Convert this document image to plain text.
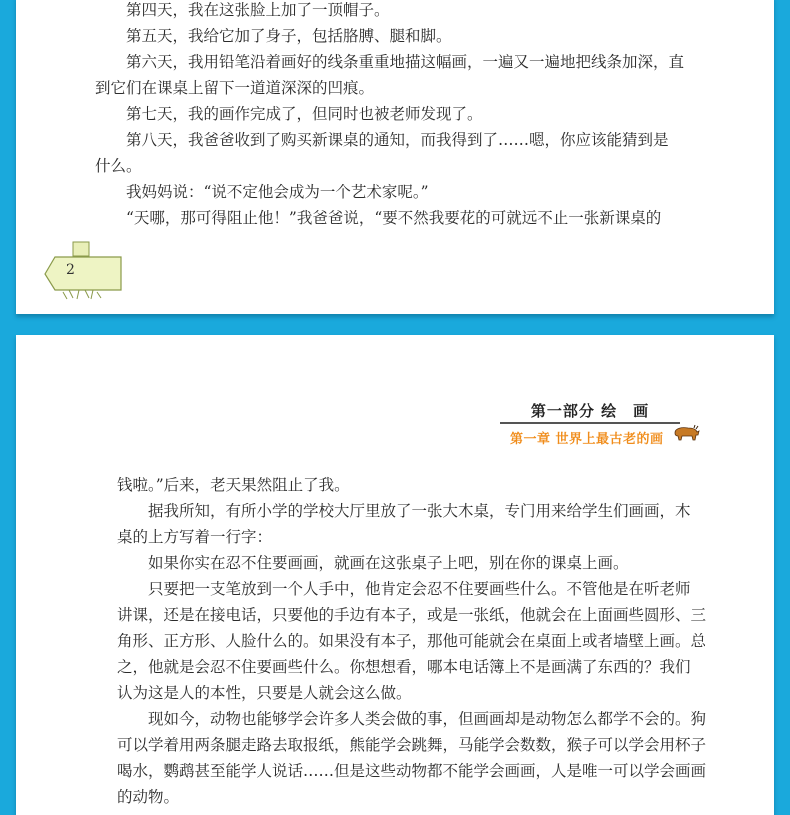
第四天，我在这张脸上加了一顶帽子。

第五天，我给它加了身子，包括胳膊、腿和脚。

第六天，我用铅笔沿着画好的线条重重地描这幅画，一遍又一遍地把线条加深，直

到它们在课桌上留下一道道深深的凹痕。

第七天，我的画作完成了，但同时也被老师发现了。

第八天，我爸爸收到了购买新课桌的通知，而我得到了……嗯，你应该能猜到是

什么。

我妈妈说：“说不定他会成为一个艺术家呢。”

“天哪，那可得阻止他！”我爸爸说，“要不然我要花的可就远不止一张新课桌的

2
第一部分 绘　画
第一章 世界上最古老的画

钱啦。”后来，老天果然阻止了我。

据我所知，有所小学的学校大厅里放了一张大木桌，专门用来给学生们画画，木

桌的上方写着一行字：

如果你实在忍不住要画画，就画在这张桌子上吧，别在你的课桌上画。

只要把一支笔放到一个人手中，他肯定会忍不住要画些什么。不管他是在听老师

讲课，还是在接电话，只要他的手边有本子，或是一张纸，他就会在上面画些圆形、三

角形、正方形、人脸什么的。如果没有本子，那他可能就会在桌面上或者墙壁上画。总

之，他就是会忍不住要画些什么。你想想看，哪本电话簿上不是画满了东西的？我们

认为这是人的本性，只要是人就会这么做。

现如今，动物也能够学会许多人类会做的事，但画画却是动物怎么都学不会的。狗

可以学着用两条腿走路去取报纸，熊能学会跳舞，马能学会数数，猴子可以学会用杯子

喝水，鹦鹉甚至能学人说话……但是这些动物都不能学会画画，人是唯一可以学会画画

的动物。
